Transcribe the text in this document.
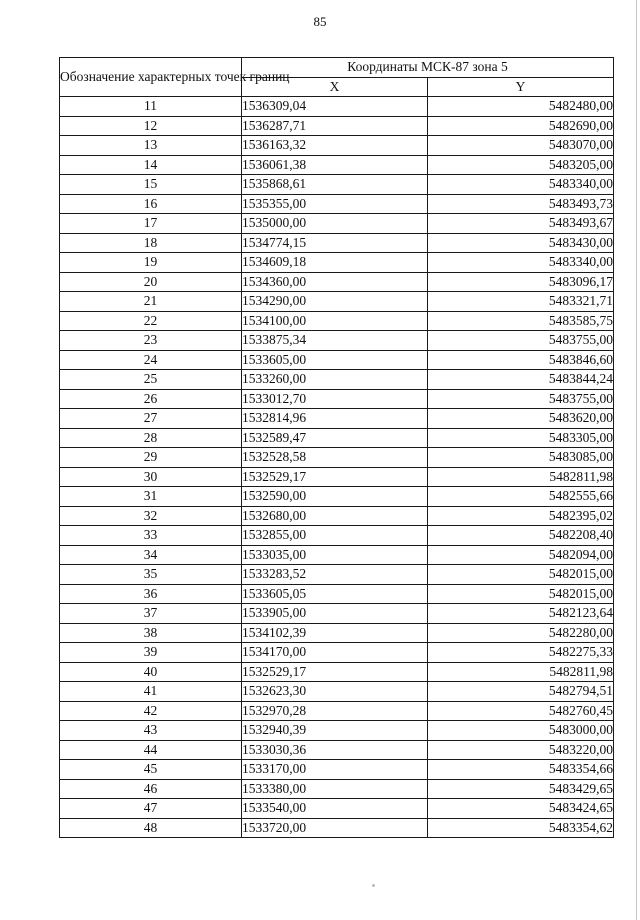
85
Обозначение характерных точек границ	Координаты МСК-87 зона 5	
	X	Y
11	1536309,04	5482480,00
12	1536287,71	5482690,00
13	1536163,32	5483070,00
14	1536061,38	5483205,00
15	1535868,61	5483340,00
16	1535355,00	5483493,73
17	1535000,00	5483493,67
18	1534774,15	5483430,00
19	1534609,18	5483340,00
20	1534360,00	5483096,17
21	1534290,00	5483321,71
22	1534100,00	5483585,75
23	1533875,34	5483755,00
24	1533605,00	5483846,60
25	1533260,00	5483844,24
26	1533012,70	5483755,00
27	1532814,96	5483620,00
28	1532589,47	5483305,00
29	1532528,58	5483085,00
30	1532529,17	5482811,98
31	1532590,00	5482555,66
32	1532680,00	5482395,02
33	1532855,00	5482208,40
34	1533035,00	5482094,00
35	1533283,52	5482015,00
36	1533605,05	5482015,00
37	1533905,00	5482123,64
38	1534102,39	5482280,00
39	1534170,00	5482275,33
40	1532529,17	5482811,98
41	1532623,30	5482794,51
42	1532970,28	5482760,45
43	1532940,39	5483000,00
44	1533030,36	5483220,00
45	1533170,00	5483354,66
46	1533380,00	5483429,65
47	1533540,00	5483424,65
48	1533720,00	5483354,62
